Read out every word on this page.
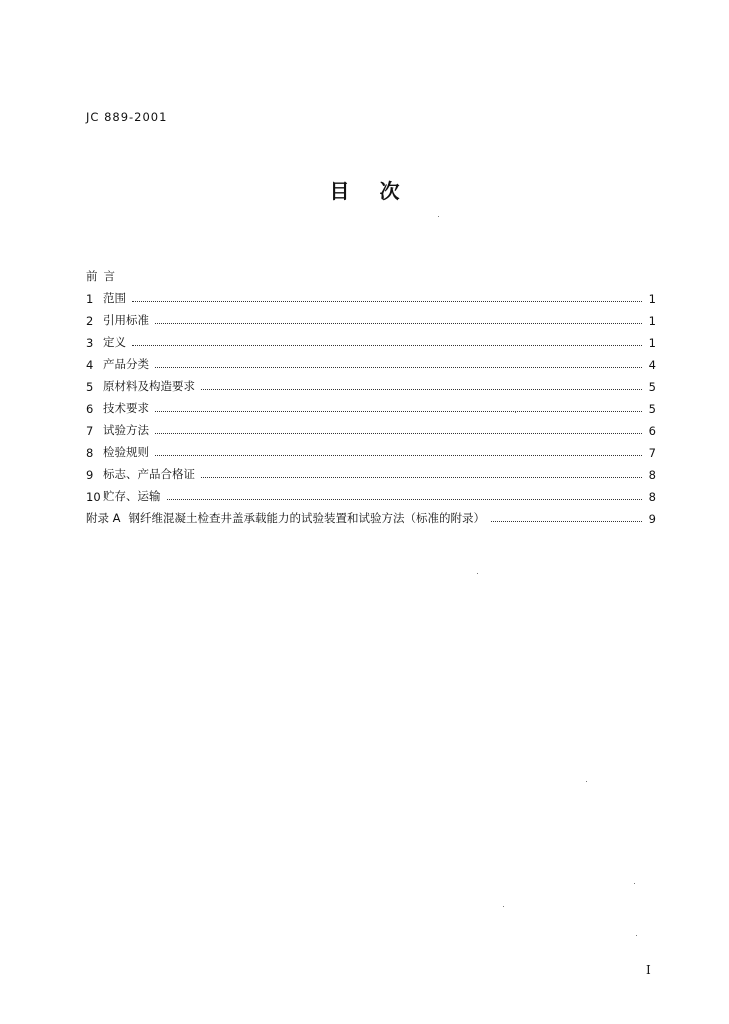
JC 889-2001
目 次
前言
1 范围	1
2 引用标准	1
3 定义	1
4 产品分类	4
5 原材料及构造要求	5
6 技术要求	5
7 试验方法	6
8 检验规则	7
9 标志、产品合格证	8
10 贮存、运输	8
附录 A 钢纤维混凝土检查井盖承载能力的试验装置和试验方法（标准的附录）	9
I
